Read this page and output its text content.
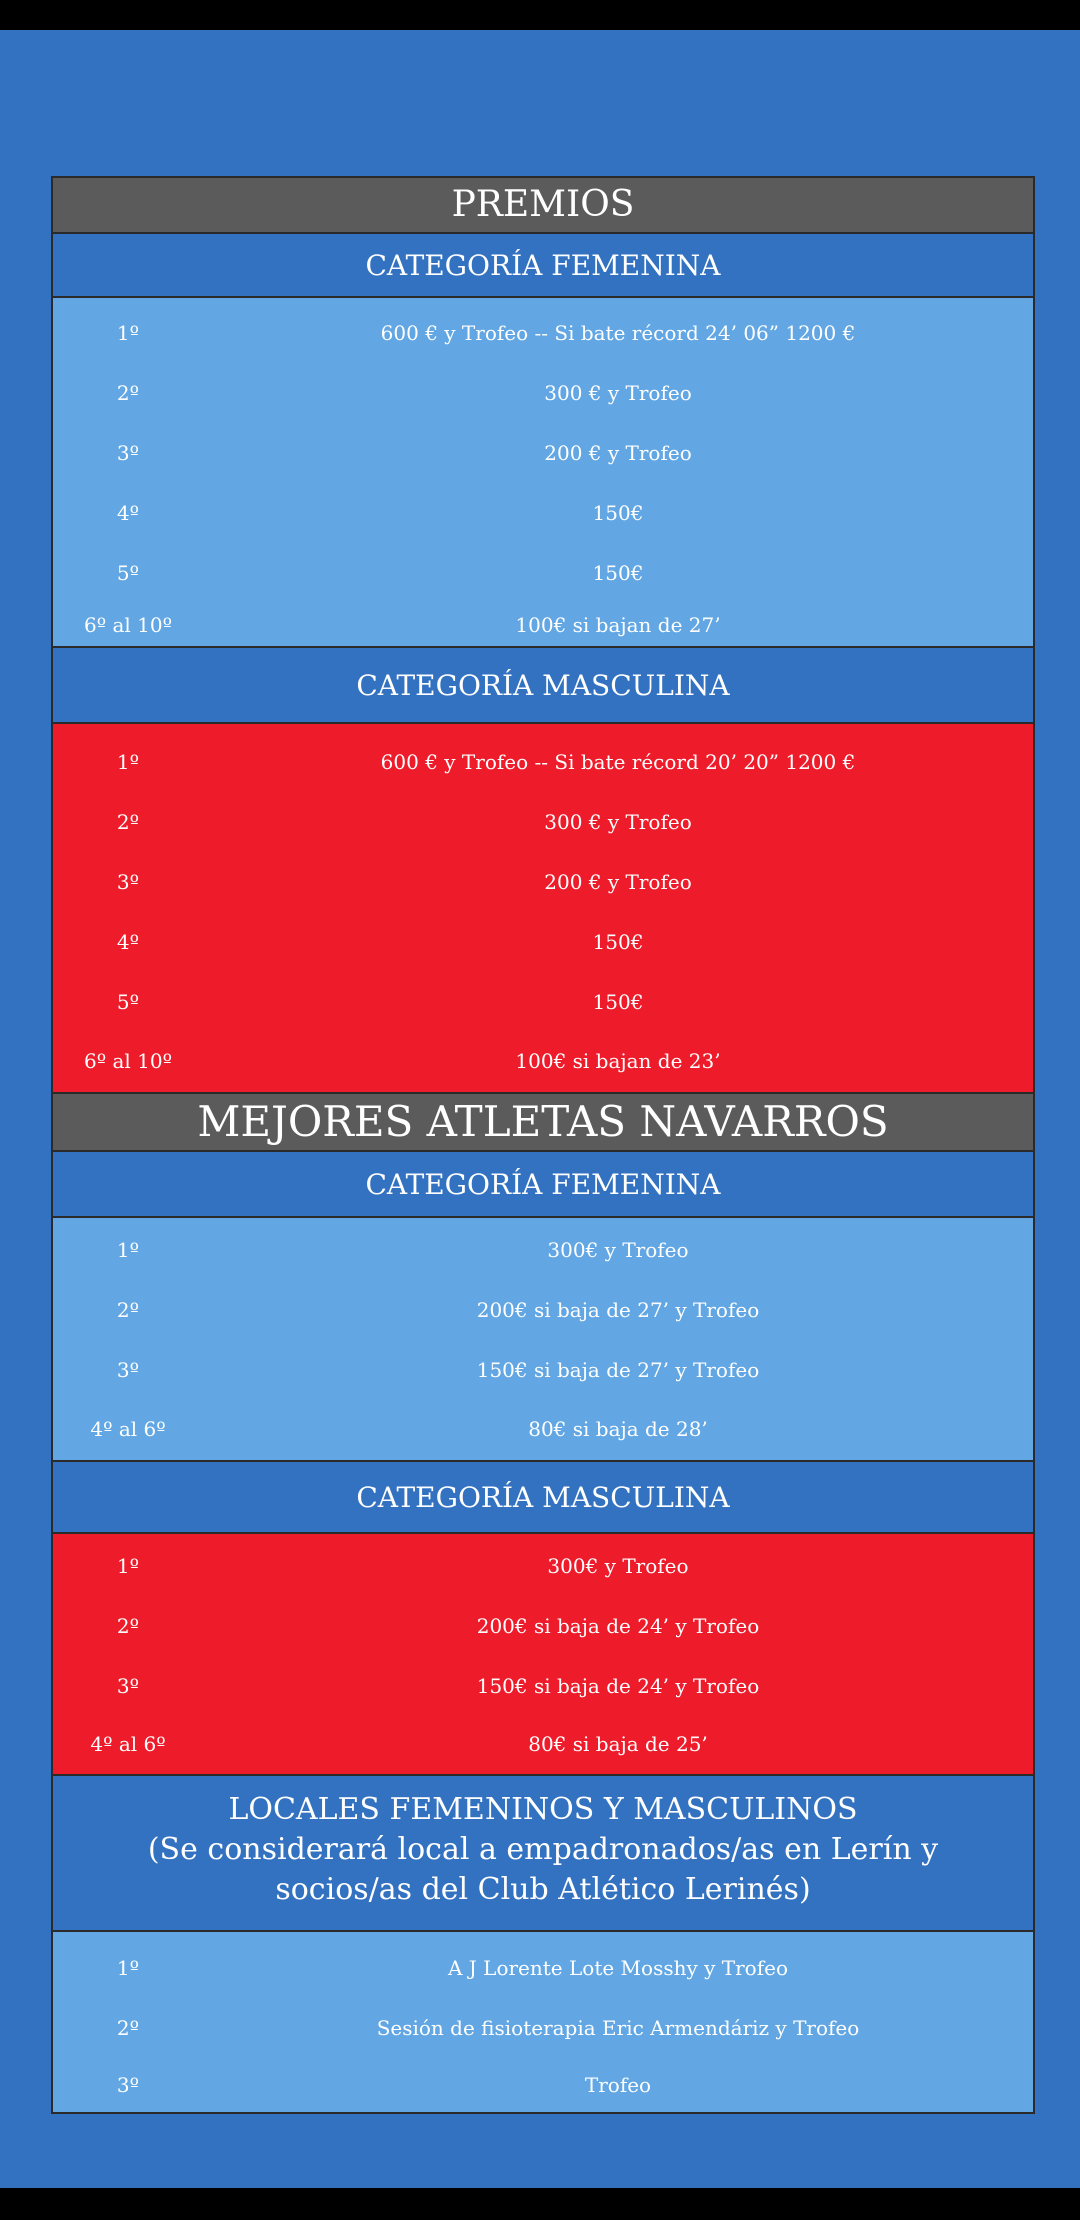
PREMIOS
CATEGORÍA FEMENINA
1º	600 € y Trofeo -- Si bate récord 24’ 06” 1200 €
2º	300 € y Trofeo
3º	200 € y Trofeo
4º	150€
5º	150€
6º al 10º	100€ si bajan de 27’
CATEGORÍA MASCULINA
1º	600 € y Trofeo -- Si bate récord 20’ 20” 1200 €
2º	300 € y Trofeo
3º	200 € y Trofeo
4º	150€
5º	150€
6º al 10º	100€ si bajan de 23’
MEJORES ATLETAS NAVARROS
CATEGORÍA FEMENINA
1º	300€ y Trofeo
2º	200€ si baja de 27’ y Trofeo
3º	150€ si baja de 27’ y Trofeo
4º al 6º	80€ si baja de 28’
CATEGORÍA MASCULINA
1º	300€ y Trofeo
2º	200€ si baja de 24’ y Trofeo
3º	150€ si baja de 24’ y Trofeo
4º al 6º	80€ si baja de 25’
LOCALES FEMENINOS Y MASCULINOS
(Se considerará local a empadronados/as en Lerín y
socios/as del Club Atlético Lerinés)
1º	A J Lorente Lote Mosshy y Trofeo
2º	Sesión de fisioterapia Eric Armendáriz y Trofeo
3º	Trofeo
